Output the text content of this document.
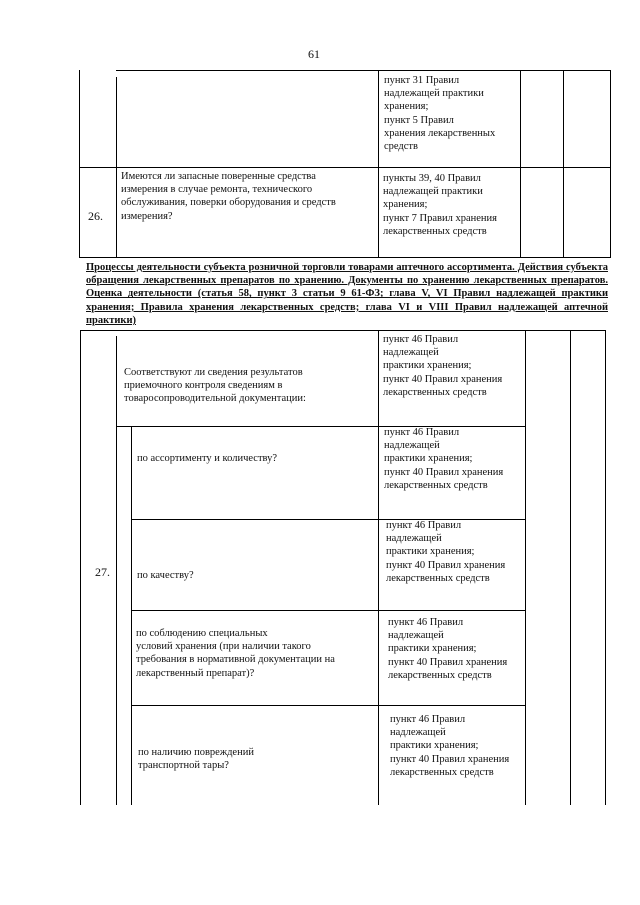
61
пункт 31 Правил
надлежащей практики
хранения;
пункт 5 Правил
хранения лекарственных
средств
26.
Имеются ли запасные поверенные средства
измерения в случае ремонта, технического
обслуживания, поверки оборудования и средств
измерения?
пункты 39, 40 Правил
надлежащей практики
хранения;
пункт 7 Правил хранения
лекарственных средств
Процессы деятельности субъекта розничной торговли товарами аптечного ассортимента. Действия субъекта обращения лекарственных препаратов по хранению. Документы по хранению лекарственных препаратов. Оценка деятельности (статья 58, пункт 3 статьи 9 61-ФЗ; глава V, VI Правил надлежащей практики хранения; Правила хранения лекарственных средств; глава VI и VIII Правил надлежащей аптечной практики)
27.
Соответствуют ли сведения результатов
приемочного контроля сведениям в
товаросопроводительной документации:
пункт 46 Правил
надлежащей
практики хранения;
пункт 40 Правил хранения
лекарственных средств
по ассортименту и количеству?
пункт 46 Правил
надлежащей
практики хранения;
пункт 40 Правил хранения
лекарственных средств
по качеству?
пункт 46 Правил
надлежащей
практики хранения;
пункт 40 Правил хранения
лекарственных средств
по соблюдению специальных
условий хранения (при наличии такого
требования в нормативной документации на
лекарственный препарат)?
пункт 46 Правил
надлежащей
практики хранения;
пункт 40 Правил хранения
лекарственных средств
по наличию повреждений
транспортной тары?
пункт 46 Правил
надлежащей
практики хранения;
пункт 40 Правил хранения
лекарственных средств
